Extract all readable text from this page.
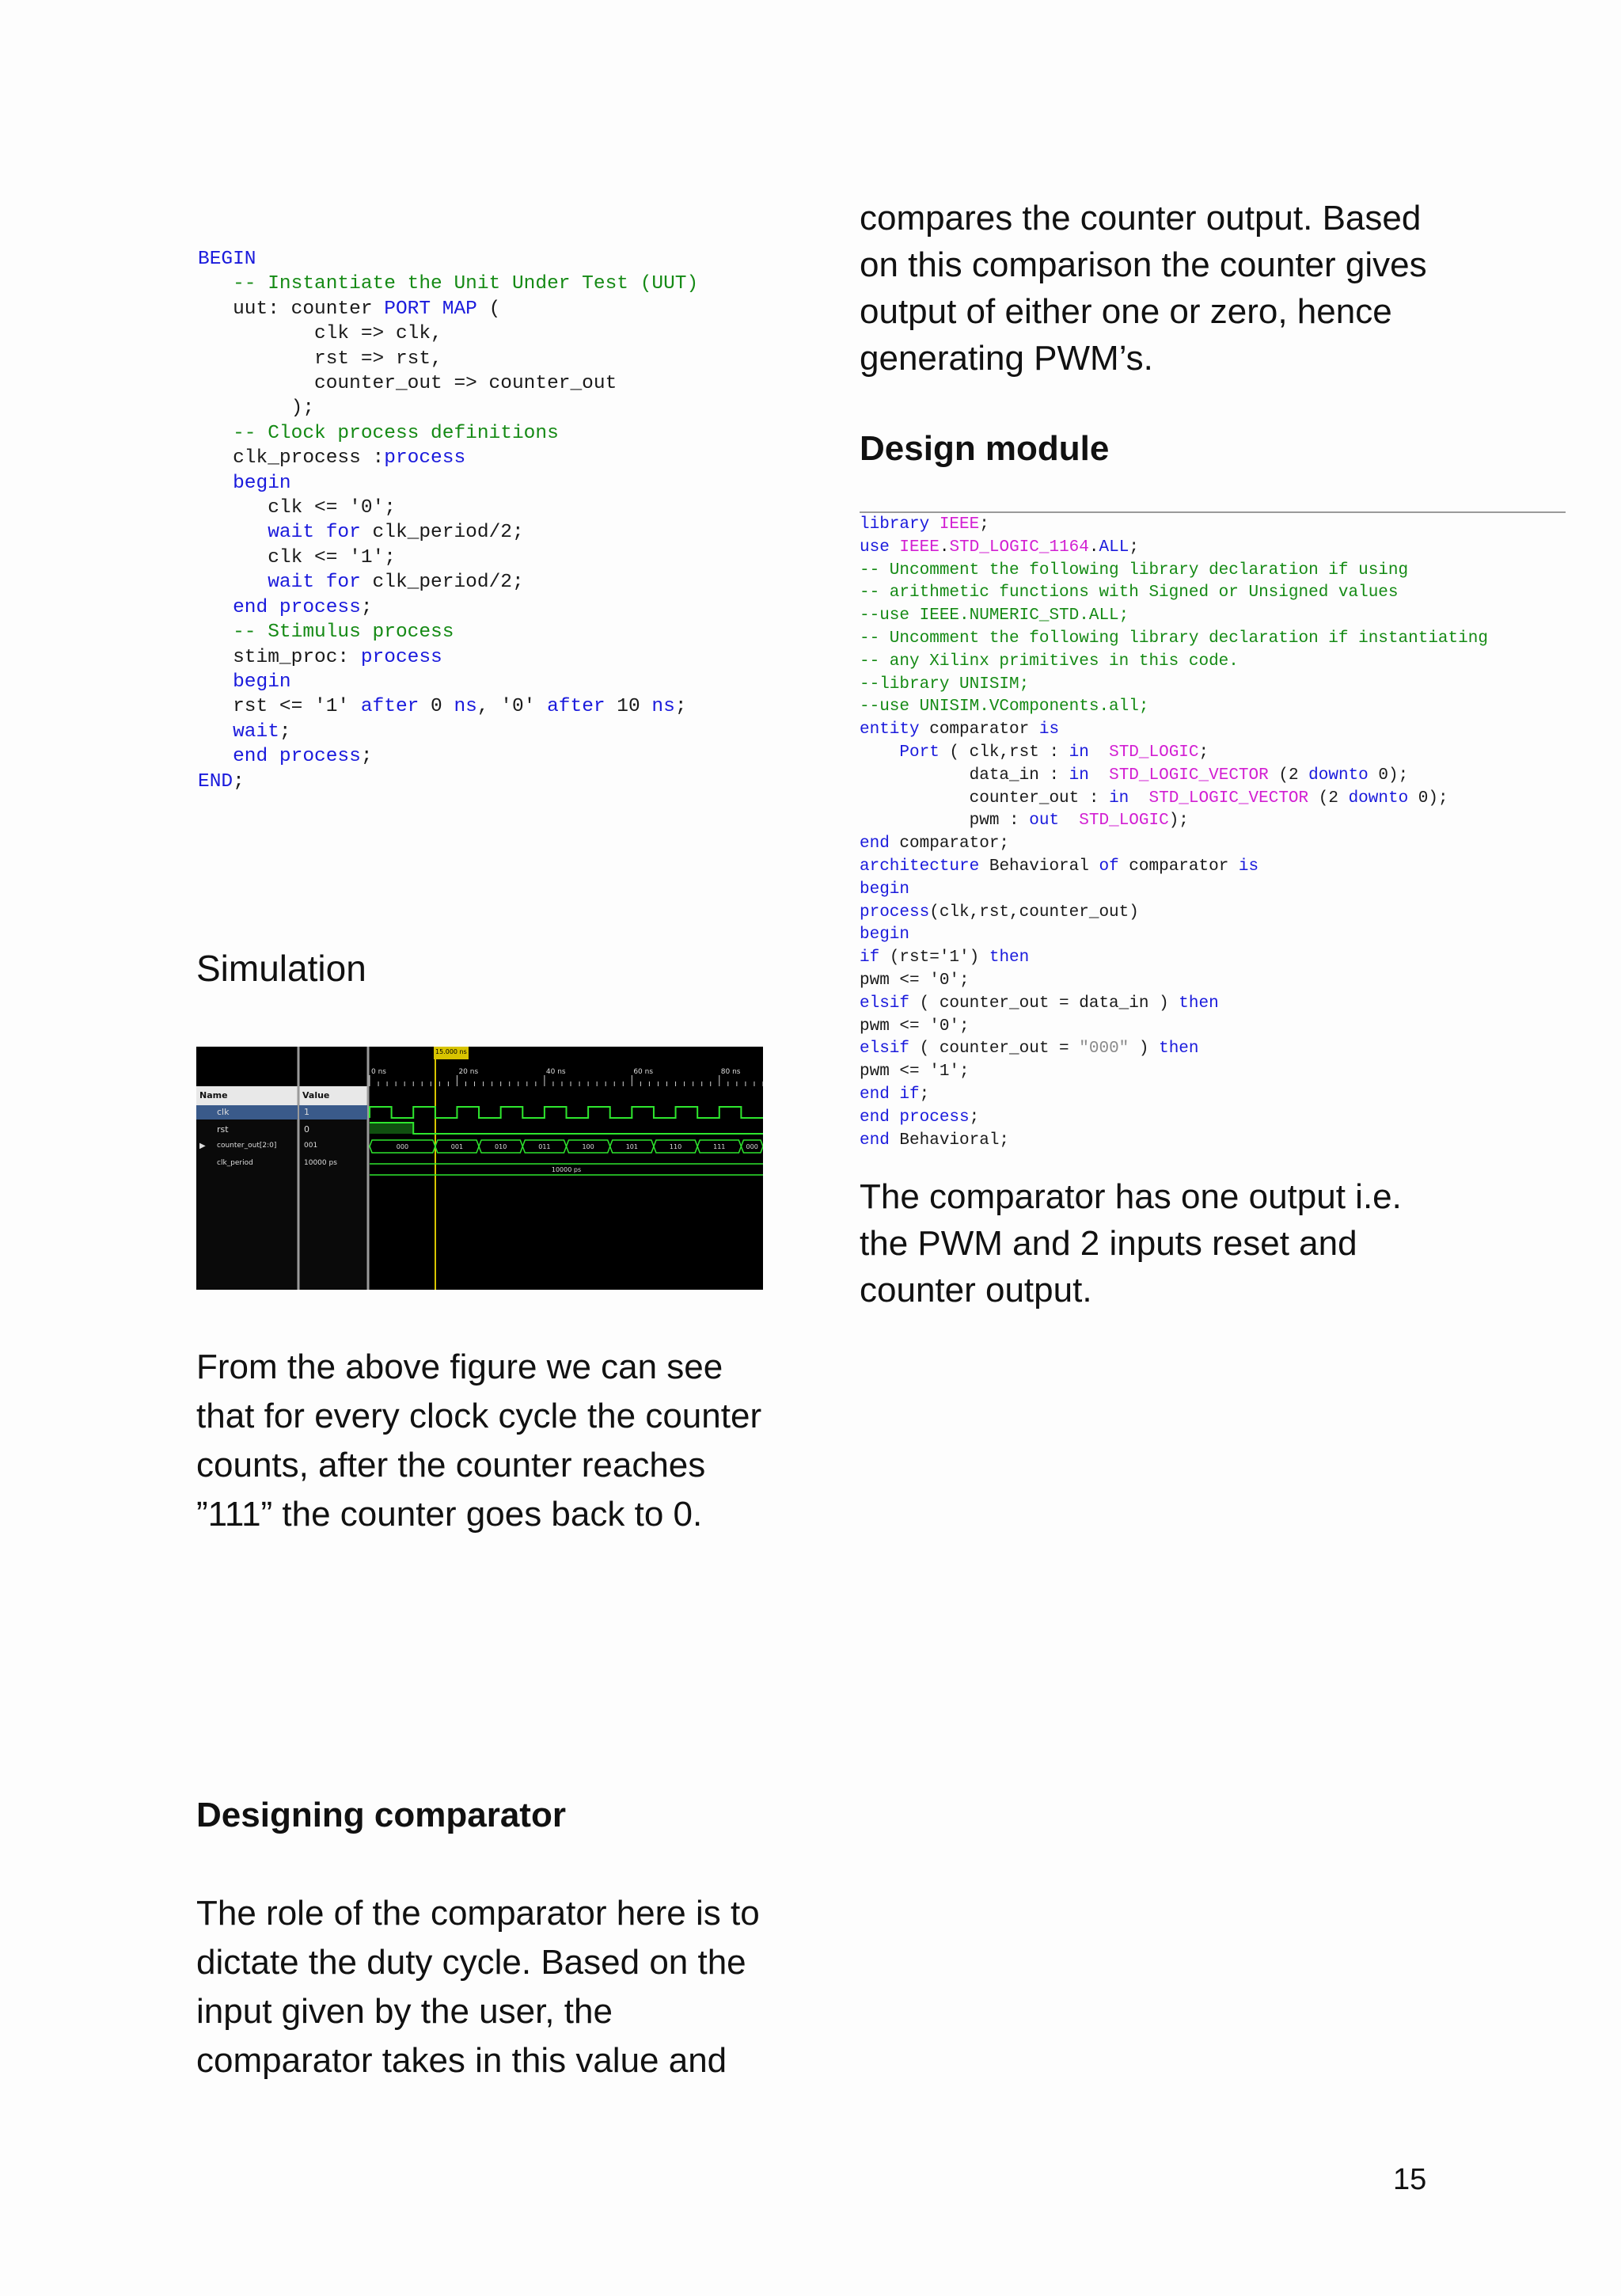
BEGIN
-- Instantiate the Unit Under Test (UUT)
uut: counter PORT MAP (
clk => clk,
rst => rst,
counter_out => counter_out
);
-- Clock process definitions
clk_process :process
begin
clk <= '0';
wait for clk_period/2;
clk <= '1';
wait for clk_period/2;
end process;
-- Stimulus process
stim_proc: process
begin
rst <= '1' after 0 ns, '0' after 10 ns;
wait;
end process;
END;
Simulation
0 ns	20 ns	40 ns	60 ns	80 ns
000	001	010	011	100	101	110	111	000
10000 ps
Name	Value
clk	1
rst	0
▶ counter_out[2:0]	001
clk_period	10000 ps
15.000 ns
From the above figure we can see that for every clock cycle the counter counts, after the counter reaches ”111” the counter goes back to 0.
Designing comparator
The role of the comparator here is to dictate the duty cycle. Based on the input given by the user, the comparator takes in this value and
compares the counter output. Based on this comparison the counter gives output of either one or zero, hence generating PWM’s.
Design module
library IEEE;
use IEEE.STD_LOGIC_1164.ALL;
-- Uncomment the following library declaration if using
-- arithmetic functions with Signed or Unsigned values
--use IEEE.NUMERIC_STD.ALL;
-- Uncomment the following library declaration if instantiating
-- any Xilinx primitives in this code.
--library UNISIM;
--use UNISIM.VComponents.all;
entity comparator is
Port ( clk,rst : in STD_LOGIC;
data_in : in STD_LOGIC_VECTOR (2 downto 0);
counter_out : in STD_LOGIC_VECTOR (2 downto 0);
pwm : out STD_LOGIC);
end comparator;
architecture Behavioral of comparator is
begin
process(clk,rst,counter_out)
begin
if (rst='1') then
pwm <= '0';
elsif ( counter_out = data_in ) then
pwm <= '0';
elsif ( counter_out = "000" ) then
pwm <= '1';
end if;
end process;
end Behavioral;
The comparator has one output i.e. the PWM and 2 inputs reset and counter output.
15
